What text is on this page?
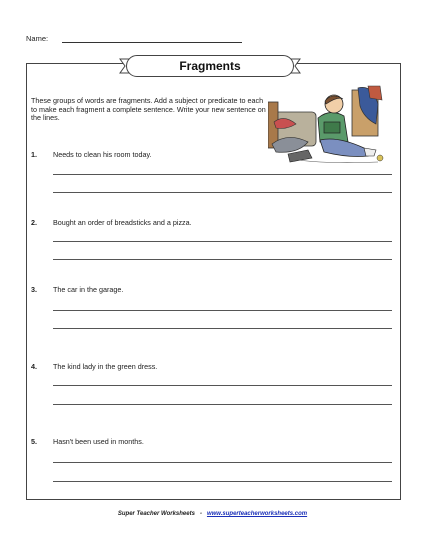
Name:
Fragments
These groups of words are fragments. Add a subject or predicate to each to make each fragment a complete sentence. Write your new sentence on the lines.
1. Needs to clean his room today.
2. Bought an order of breadsticks and a pizza.
3. The car in the garage.
4. The kind lady in the green dress.
5. Hasn't been used in months.
Super Teacher Worksheets - www.superteacherworksheets.com
